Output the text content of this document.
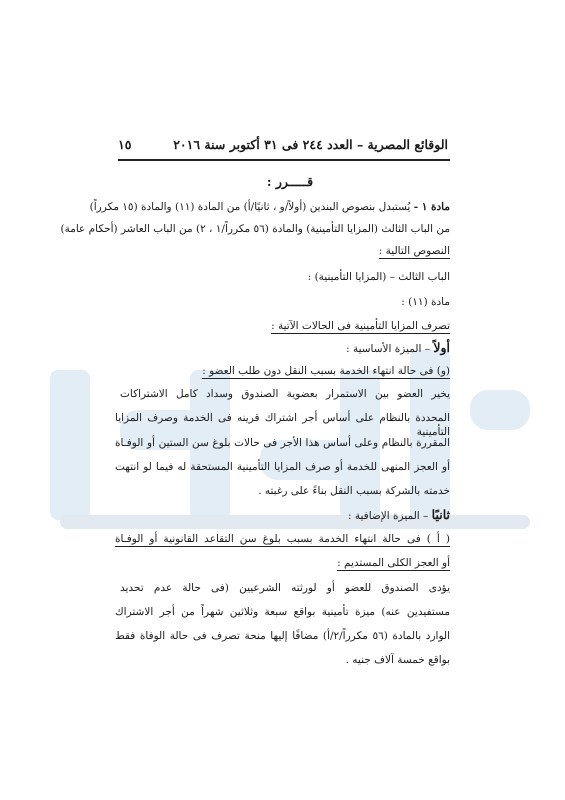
الوقائع المصرية – العدد ٢٤٤ فى ٣١ أكتوبر سنة ٢٠١٦
١٥
قـــــرر :
مادة ١ - يُستبدل بنصوص البندين (أولاً/و ، ثانيًا/أ) من المادة (١١) والمادة (١٥ مكرراً)
من الباب الثالث (المزايا التأمينية) والمادة (٥٦ مكرراً/١ ، ٢) من الباب العاشر (أحكام عامة)
النصوص التالية :
الباب الثالث – (المزايا التأمينية) :
مادة (١١) :
تصرف المزايا التأمينية فى الحالات الآتية :
أولاً – الميزة الأساسية :
(و) فى حالة انتهاء الخدمة بسبب النقل دون طلب العضو :
يخير العضو بين الاستمرار بعضوية الصندوق وسداد كامل الاشتراكات
المحددة بالنظام على أساس أجر اشتراك قرينه فى الخدمة وصرف المزايا التأمينية
المقررة بالنظام وعلى أساس هذا الأجر فى حالات بلوغ سن الستين أو الوفـاة
أو العجز المنهى للخدمة أو صرف المزايا التأمينية المستحقة له فيما لو انتهت
خدمته بالشركة بسبب النقل بناءً على رغبته .
ثانيًا – الميزة الإضافية :
( أ ) فى حالة انتهاء الخدمة بسبب بلوغ سن التقاعد القانونية أو الوفـاة
أو العجز الكلى المستديم :
يؤدى الصندوق للعضو أو لورثته الشرعيين (فى حالة عدم تحديد
مستفيدين عنه) ميزة تأمينية بواقع سبعة وثلاثين شهراً من أجر الاشتراك
الوارد بالمادة (٥٦ مكرراً/٢/أ) مضافًا إليها منحة تصرف فى حالة الوفاة فقط
بواقع خمسة آلاف جنيه .
